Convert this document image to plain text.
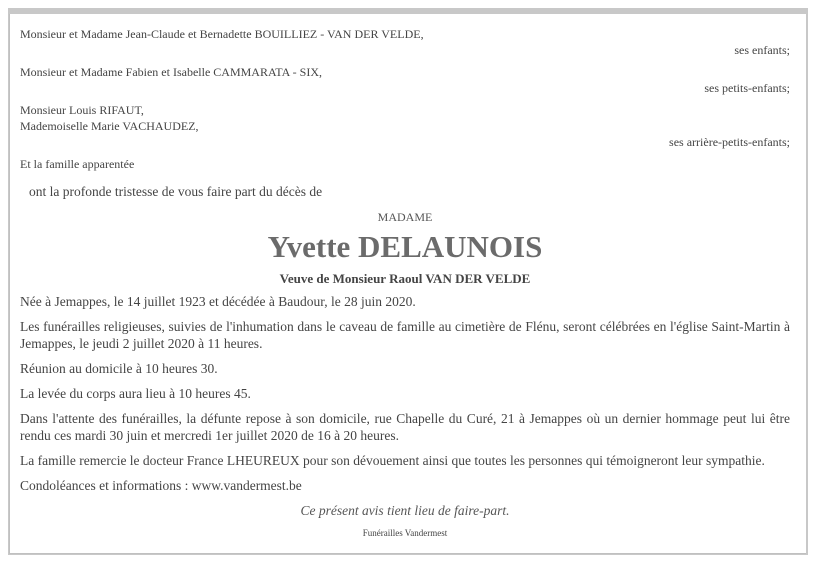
Monsieur et Madame Jean-Claude et Bernadette BOUILLIEZ - VAN DER VELDE,
ses enfants;
Monsieur et Madame Fabien et Isabelle CAMMARATA - SIX,
ses petits-enfants;
Monsieur Louis RIFAUT,
Mademoiselle Marie VACHAUDEZ,
ses arrière-petits-enfants;
Et la famille apparentée
ont la profonde tristesse de vous faire part du décès de
MADAME
Yvette DELAUNOIS
Veuve de Monsieur Raoul VAN DER VELDE
Née à Jemappes, le 14 juillet 1923 et décédée à Baudour, le 28 juin 2020.
Les funérailles religieuses, suivies de l'inhumation dans le caveau de famille au cimetière de Flénu, seront célébrées en l'église Saint-Martin à Jemappes, le jeudi 2 juillet 2020 à 11 heures.
Réunion au domicile à 10 heures 30.
La levée du corps aura lieu à 10 heures 45.
Dans l'attente des funérailles, la défunte repose à son domicile, rue Chapelle du Curé, 21 à Jemappes où un dernier hommage peut lui être rendu ces mardi 30 juin et mercredi 1er juillet 2020 de 16 à 20 heures.
La famille remercie le docteur France LHEUREUX pour son dévouement ainsi que toutes les personnes qui témoigneront leur sympathie.
Condoléances et informations : www.vandermest.be
Ce présent avis tient lieu de faire-part.
Funérailles Vandermest
